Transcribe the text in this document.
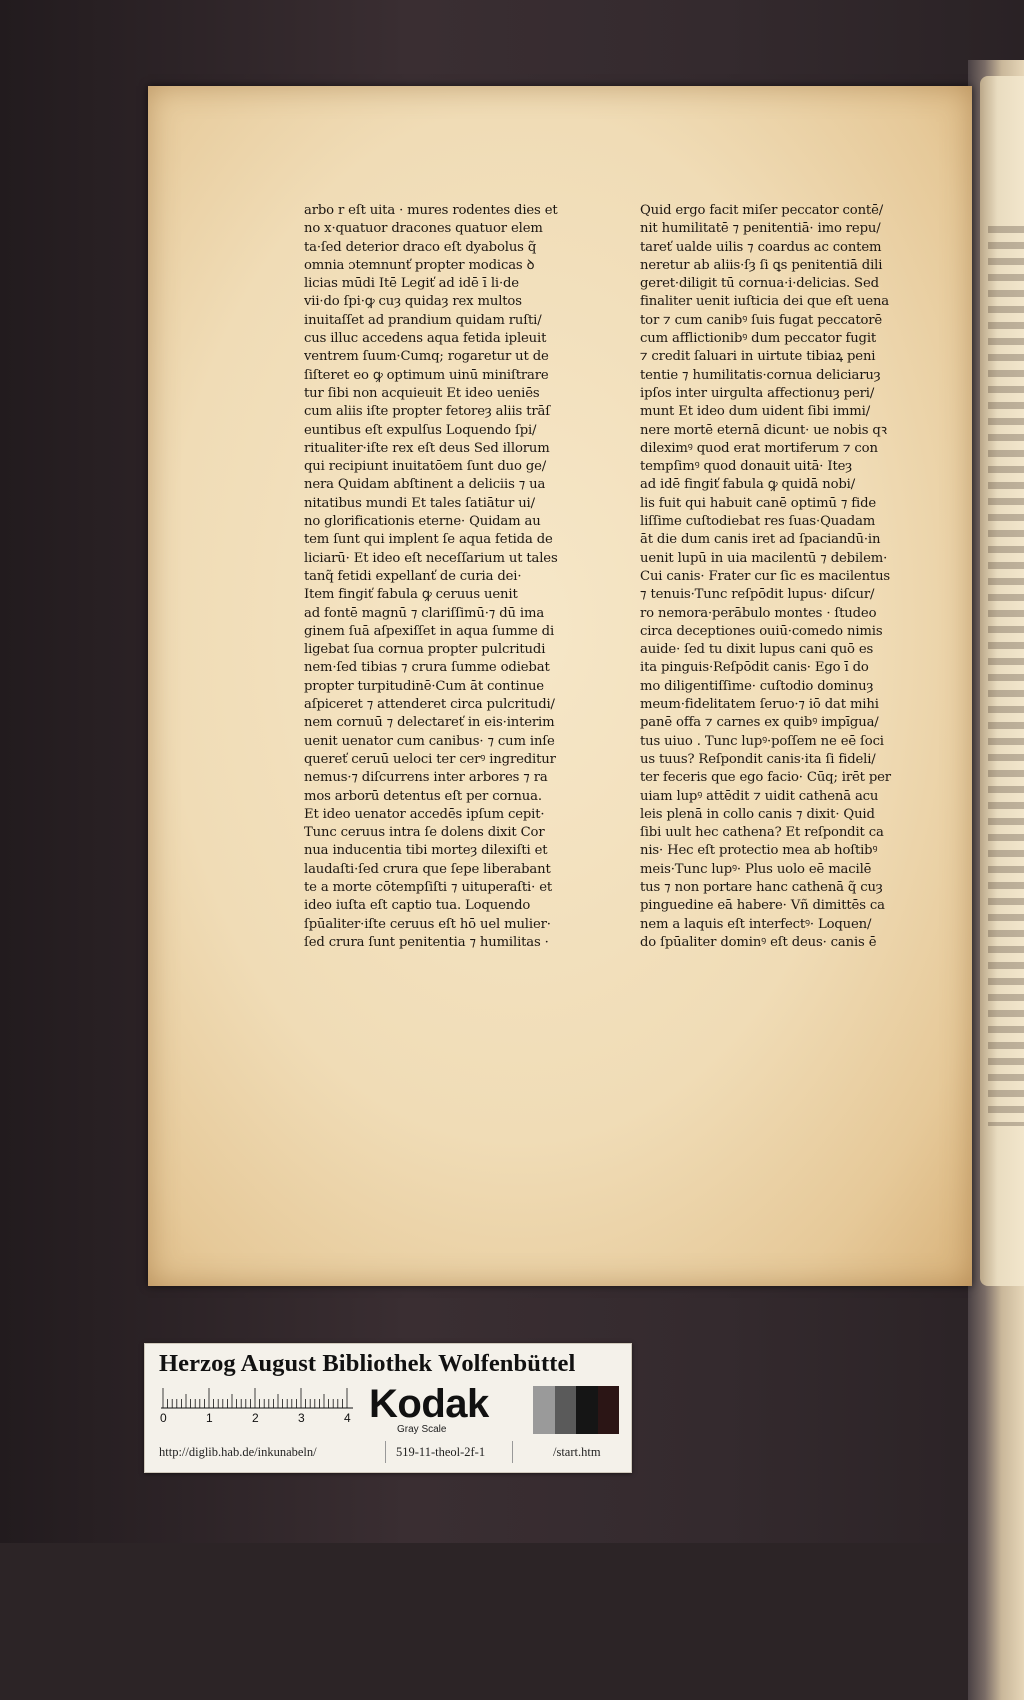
arbo r eſt uita · mures rodentes dies et
no x·quatuor dracones quatuor elem
ta·ſed deterior draco eſt dyabolus q̃
omnia ɔtemnunt̕ propter modicas ꝺ
licias mūdi Itē Legit̕ ad idē ī li·de
vii·do ſpi·ꝙ cuȝ quidaȝ rex multos
inuitaſſet ad prandium quidam ruſti/
cus illuc accedens aqua fetida ipleuit
ventrem ſuum·Cumq; rogaretur ut de
ſiſteret eo ꝙ optimum uinū miniſtrare
tur ſibi non acquieuit Et ideo ueniēs
cum aliis iſte propter fetoreȝ aliis trāſ
euntibus eſt expulſus Loquendo ſpi/
ritualiter·iſte rex eſt deus Sed illorum
qui recipiunt inuitatōem ſunt duo ge/
nera Quidam abſtinent a deliciis ⁊ ua
nitatibus mundi Et tales ſatiātur ui/
no glorificationis eterne· Quidam au
tem ſunt qui implent ſe aqua fetida de
liciarū· Et ideo eſt neceſſarium ut tales
tanq̃ fetidi expellant̕ de curia dei·
Item fingit̕ fabula ꝙ ceruus uenit
ad fontē magnū ⁊ clariſſimū·⁊ dū ima
ginem ſuā aſpexiſſet in aqua ſumme di
ligebat ſua cornua propter pulcritudi
nem·ſed tibias ⁊ crura ſumme odiebat
propter turpitudinē·Cum āt continue
aſpiceret ⁊ attenderet circa pulcritudi/
nem cornuū ⁊ delectaret̕ in eis·interim
uenit uenator cum canibus· ⁊ cum inſe
queret̕ ceruū ueloci ter cerꝰ ingreditur
nemus·⁊ diſcurrens inter arbores ⁊ ra
mos arborū detentus eſt per cornua.
Et ideo uenator accedēs ipſum cepit·
Tunc ceruus intra ſe dolens dixit Cor
nua inducentia tibi morteȝ dilexiſti et
laudaſti·ſed crura que ſepe liberabant
te a morte cōtempſiſti ⁊ uituperaſti· et
ideo iuſta eſt captio tua. Loquendo
ſpūaliter·iſte ceruus eſt hō uel mulier·
ſed crura ſunt penitentia ⁊ humilitas ·
Quid ergo facit miſer peccator contē/
nit humilitatē ⁊ penitentiā· imo repu/
taret̕ ualde uilis ⁊ coardus ac contem
neretur ab aliis·ſȝ ſi ꝗs penitentiā dili
geret·diligit tū cornua·i·delicias. Sed
finaliter uenit iuſticia dei que eſt uena
tor ⁊ cum canibꝰ ſuis fugat peccatorē
cum afflictionibꝰ dum peccator fugit
⁊ credit ſaluari in uirtute tibiaꝝ peni
tentie ⁊ humilitatis·cornua deliciaruȝ
ipſos inter uirgulta affectionuȝ peri/
munt Et ideo dum uident ſibi immi/
nere mortē eternā dicunt· ue nobis qꝛ
dileximꝰ quod erat mortiferum ⁊ con
tempſimꝰ quod donauit uitā· Iteȝ
ad idē fingit̕ fabula ꝙ quidā nobi/
lis fuit qui habuit canē optimū ⁊ fide
liſſime cuſtodiebat res ſuas·Quadam
āt die dum canis iret ad ſpaciandū·in
uenit lupū in uia macilentū ⁊ debilem·
Cui canis· Frater cur ſic es macilentus
⁊ tenuis·Tunc reſpōdit lupus· diſcur/
ro nemora·perābulo montes · ſtudeo
circa deceptiones ouiū·comedo nimis
auide· ſed tu dixit lupus cani quō es
ita pinguis·Reſpōdit canis· Ego ī do
mo diligentiſſime· cuſtodio dominuȝ
meum·fidelitatem ſeruo·⁊ iō dat mihi
panē offa ⁊ carnes ex quibꝰ impīgua/
tus uiuo . Tunc lupꝰ·poſſem ne eē ſoci
us tuus? Reſpondit canis·ita ſi fideli/
ter feceris que ego facio· Cūq; irēt per
uiam lupꝰ attēdit ⁊ uidit cathenā acu
leis plenā in collo canis ⁊ dixit· Quid
ſibi uult hec cathena? Et reſpondit ca
nis· Hec eſt protectio mea ab hoſtibꝰ
meis·Tunc lupꝰ· Plus uolo eē macilē
tus ⁊ non portare hanc cathenā q̃ cuȝ
pinguedine eā habere· Vñ dimittēs ca
nem a laquis eſt interfectꝰ· Loquen/
do ſpūaliter dominꝰ eſt deus· canis ē
Herzog August Bibliothek Wolfenbüttel
0	1	2	3	4 Kodak
Gray Scale
http://diglib.hab.de/inkunabeln/	519-11-theol-2f-1	/start.htm
